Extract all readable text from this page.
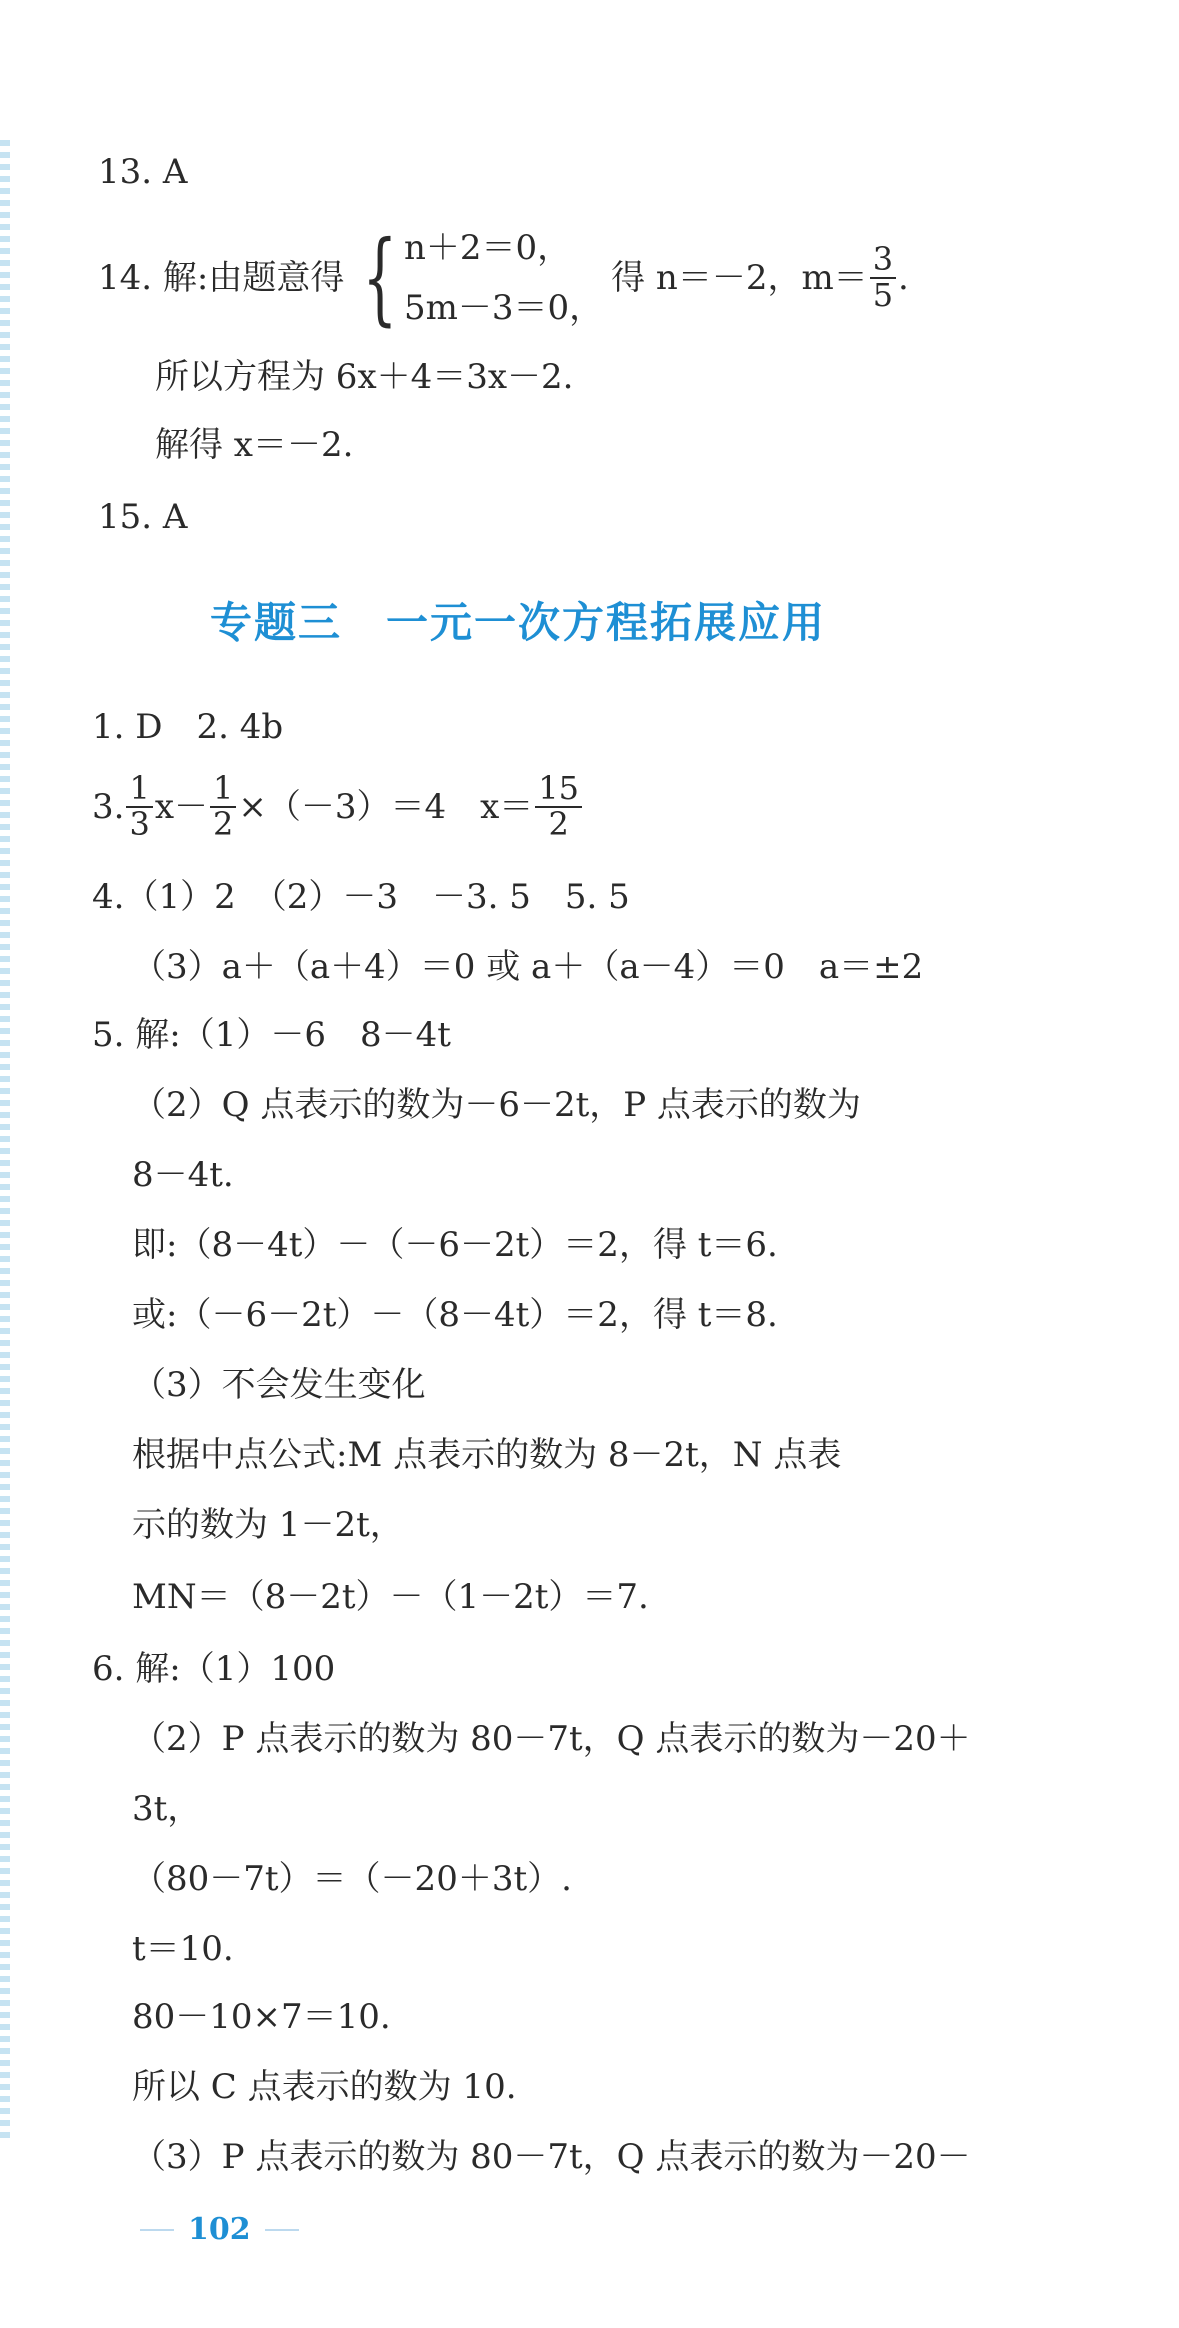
13. A
14. 解:由题意得 { n＋2＝0，
5m－3＝0，
得 n＝－2，$m= \frac{3}{5}$ .
所以方程为 6x＋4＝3x－2.
解得 x＝－2.
15. A
专题三　一元一次方程拓展应用
1. D　2. 4b
3. $\frac{1}{3} x- \frac{1}{2} \times(-3)=4$　$x= \frac{15}{2}$
4.（1）2　（2）－3　－3. 5　5. 5
（3）a＋（a＋4）＝0 或 a＋（a－4）＝0　a＝±2
5. 解:（1）－6　8－4t
（2）Q 点表示的数为－6－2t，P 点表示的数为
8－4t.
即:（8－4t）－（－6－2t）＝2，得 t＝6.
或:（－6－2t）－（8－4t）＝2，得 t＝8.
（3）不会发生变化
根据中点公式:M 点表示的数为 8－2t，N 点表
示的数为 1－2t，
MN＝（8－2t）－（1－2t）＝7.
6. 解:（1）100
（2）P 点表示的数为 80－7t，Q 点表示的数为－20＋
3t，
（80－7t）＝（－20＋3t）.
t＝10.
80－10×7＝10.
所以 C 点表示的数为 10.
（3）P 点表示的数为 80－7t，Q 点表示的数为－20－
102
